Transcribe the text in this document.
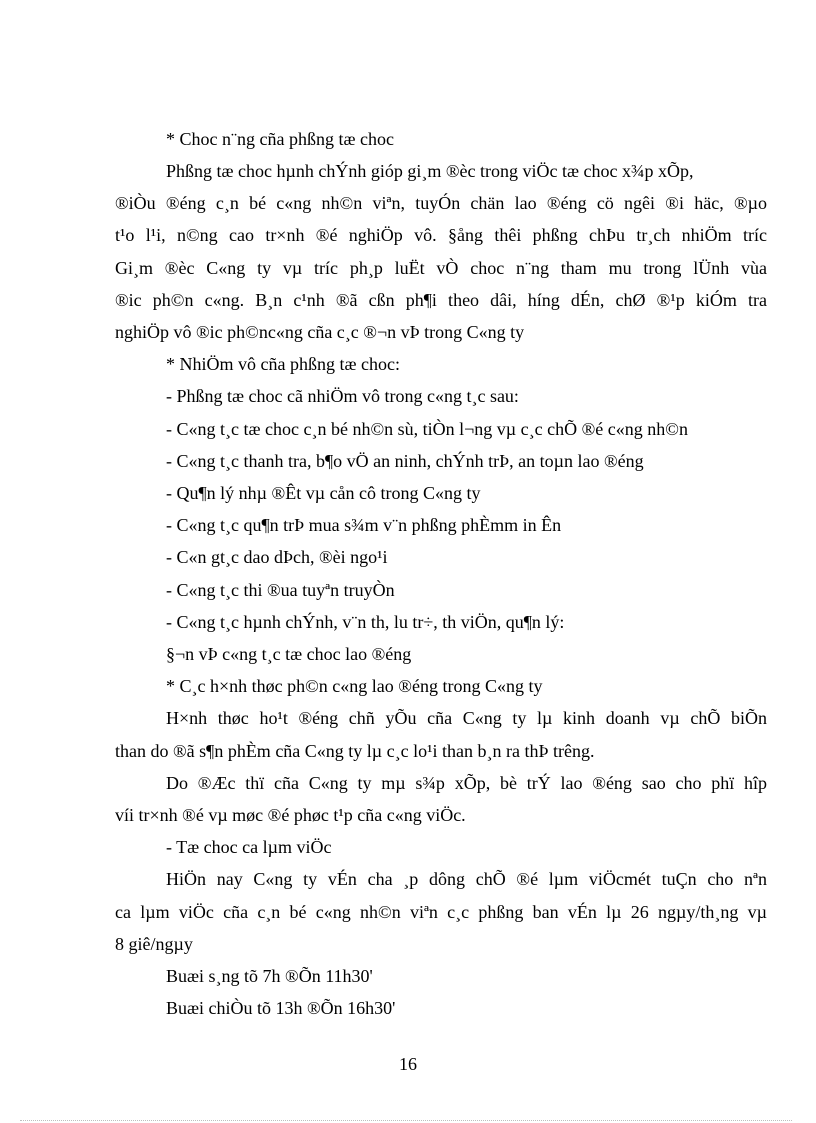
* Choc n¨ng cña phßng tæ choc

Phßng tæ choc hµnh chÝnh gióp gi¸m ®èc trong viÖc tæ choc x¾p xÕp,

®iÒu ®éng c¸n bé c«ng nh©n viªn, tuyÓn chän lao ®éng cö ngêi ®i häc, ®µo

t¹o l¹i, n©ng cao tr×nh ®é nghiÖp vô. §ång thêi phßng chÞu tr¸ch nhiÖm tríc

Gi¸m ®èc C«ng ty vµ tríc ph¸p luËt vÒ choc n¨ng tham mu trong lÜnh vùa

®ic ph©n c«ng. B¸n c¹nh ®ã cßn ph¶i theo dâi, híng dÉn, chØ ®¹p kiÓm tra

nghiÖp vô ®ic ph©nc«ng cña c¸c ®¬n vÞ trong C«ng ty

* NhiÖm vô cña phßng tæ choc:

- Phßng tæ choc cã nhiÖm vô trong c«ng t¸c sau:

- C«ng t¸c tæ choc c¸n bé nh©n sù, tiÒn l¬ng vµ c¸c chÕ ®é c«ng nh©n

- C«ng t¸c thanh tra, b¶o vÖ an ninh, chÝnh trÞ, an toµn lao ®éng

- Qu¶n lý nhµ ®Êt vµ cån cô trong C«ng ty

- C«ng t¸c qu¶n trÞ mua s¾m v¨n phßng phÈmm in Ên

- C«n gt¸c dao dÞch, ®èi ngo¹i

- C«ng t¸c thi ®ua tuyªn truyÒn

- C«ng t¸c hµnh chÝnh, v¨n th, lu tr÷, th viÖn, qu¶n lý:

§¬n vÞ c«ng t¸c tæ choc lao ®éng

* C¸c h×nh thøc ph©n c«ng lao ®éng trong C«ng ty

H×nh thøc ho¹t ®éng chñ yÕu cña C«ng ty lµ kinh doanh vµ chÕ biÕn

than do ®ã s¶n phÈm cña C«ng ty lµ c¸c lo¹i than b¸n ra thÞ trêng.

Do ®Æc thï cña C«ng ty mµ s¾p xÕp, bè trÝ lao ®éng sao cho phï hîp

víi tr×nh ®é vµ møc ®é phøc t¹p cña c«ng viÖc.

- Tæ choc ca lµm viÖc

HiÖn nay C«ng ty vÉn cha ¸p dông chÕ ®é lµm viÖcmét tuÇn cho nªn

ca lµm viÖc cña c¸n bé c«ng nh©n viªn c¸c phßng ban vÉn lµ 26 ngµy/th¸ng vµ

8 giê/ngµy

Buæi s¸ng tõ 7h ®Õn 11h30'

Buæi chiÒu tõ 13h ®Õn 16h30'

16
